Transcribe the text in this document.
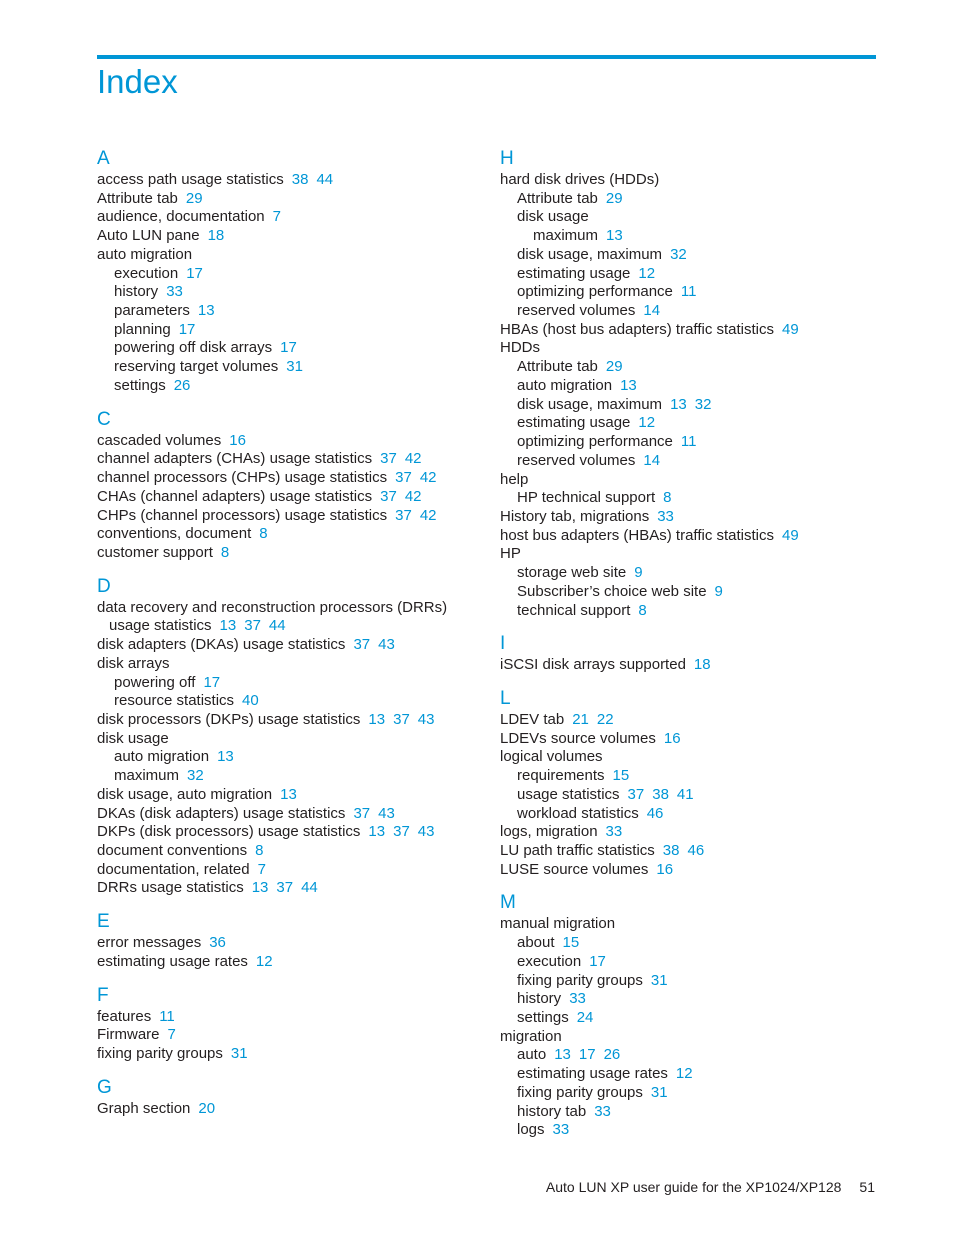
Index
A
access path usage statistics 38 44
Attribute tab 29
audience, documentation 7
Auto LUN pane 18
auto migration
execution 17
history 33
parameters 13
planning 17
powering off disk arrays 17
reserving target volumes 31
settings 26
C
cascaded volumes 16
channel adapters (CHAs) usage statistics 37 42
channel processors (CHPs) usage statistics 37 42
CHAs (channel adapters) usage statistics 37 42
CHPs (channel processors) usage statistics 37 42
conventions, document 8
customer support 8
D
data recovery and reconstruction processors (DRRs)
usage statistics 13 37 44
disk adapters (DKAs) usage statistics 37 43
disk arrays
powering off 17
resource statistics 40
disk processors (DKPs) usage statistics 13 37 43
disk usage
auto migration 13
maximum 32
disk usage, auto migration 13
DKAs (disk adapters) usage statistics 37 43
DKPs (disk processors) usage statistics 13 37 43
document conventions 8
documentation, related 7
DRRs usage statistics 13 37 44
E
error messages 36
estimating usage rates 12
F
features 11
Firmware 7
fixing parity groups 31
G
Graph section 20
H
hard disk drives (HDDs)
Attribute tab 29
disk usage
maximum 13
disk usage, maximum 32
estimating usage 12
optimizing performance 11
reserved volumes 14
HBAs (host bus adapters) traffic statistics 49
HDDs
Attribute tab 29
auto migration 13
disk usage, maximum 13 32
estimating usage 12
optimizing performance 11
reserved volumes 14
help
HP technical support 8
History tab, migrations 33
host bus adapters (HBAs) traffic statistics 49
HP
storage web site 9
Subscriber’s choice web site 9
technical support 8
I
iSCSI disk arrays supported 18
L
LDEV tab 21 22
LDEVs source volumes 16
logical volumes
requirements 15
usage statistics 37 38 41
workload statistics 46
logs, migration 33
LU path traffic statistics 38 46
LUSE source volumes 16
M
manual migration
about 15
execution 17
fixing parity groups 31
history 33
settings 24
migration
auto 13 17 26
estimating usage rates 12
fixing parity groups 31
history tab 33
logs 33
Auto LUN XP user guide for the XP1024/XP128 51
